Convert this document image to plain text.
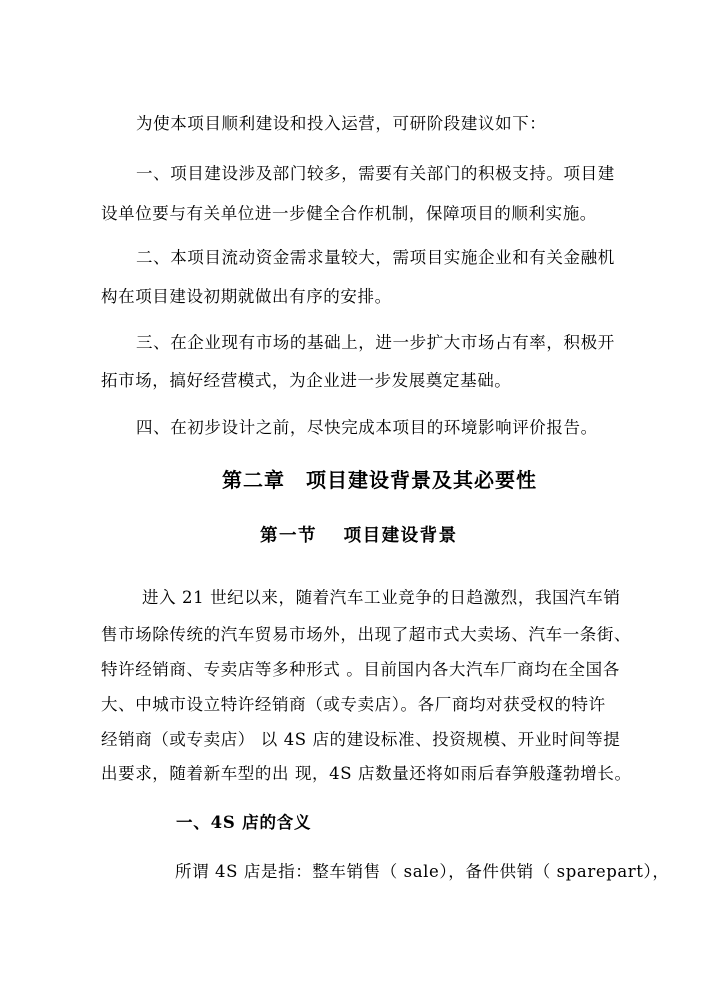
为使本项目顺利建设和投入运营，可研阶段建议如下：
一、项目建设涉及部门较多，需要有关部门的积极支持。项目建
设单位要与有关单位进一步健全合作机制，保障项目的顺利实施。
二、本项目流动资金需求量较大，需项目实施企业和有关金融机
构在项目建设初期就做出有序的安排。
三、在企业现有市场的基础上，进一步扩大市场占有率，积极开
拓市场，搞好经营模式，为企业进一步发展奠定基础。
四、在初步设计之前，尽快完成本项目的环境影响评价报告。
第二章　项目建设背景及其必要性
第一节　 项目建设背景
进入 21 世纪以来，随着汽车工业竞争的日趋激烈，我国汽车销
售市场除传统的汽车贸易市场外，出现了超市式大卖场、汽车一条街、
特许经销商、专卖店等多种形式 。目前国内各大汽车厂商均在全国各
大、中城市设立特许经销商（或专卖店）。各厂商均对获受权的特许
经销商（或专卖店） 以 4S 店的建设标准、投资规模、开业时间等提
出要求，随着新车型的出 现，4S 店数量还将如雨后春笋般蓬勃增长。
一、4S 店的含义
所谓 4S 店是指：整车销售（ sale），备件供销（ sparepart），
